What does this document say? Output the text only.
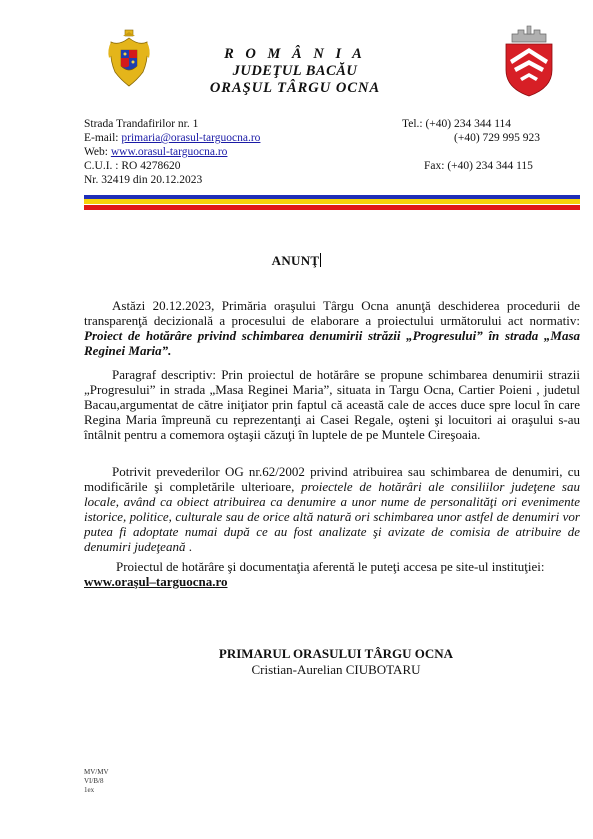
R O M Â N I A
JUDEŢUL BACĂU
ORAŞUL TÂRGU OCNA
Strada Trandafirilor nr. 1
E-mail: primaria@orasul-targuocna.ro
Web: www.orasul-targuocna.ro
C.U.I. : RO 4278620
Nr. 32419 din 20.12.2023
Tel.: (+40) 234 344 114
(+40) 729 995 923
Fax: (+40) 234 344 115
ANUNŢ
Astăzi 20.12.2023, Primăria oraşului Târgu Ocna anunţă deschiderea procedurii de transparenţă decizională a procesului de elaborare a proiectului următorului act normativ: Proiect de hotărâre privind schimbarea denumirii străzii „Progresului” în strada „Masa Reginei Maria”.
Paragraf descriptiv: Prin proiectul de hotărâre se propune schimbarea denumirii strazii „Progresului” in strada „Masa Reginei Maria”, situata in Targu Ocna, Cartier Poieni , judetul Bacau,argumentat de către iniţiator prin faptul că această cale de acces duce spre locul în care Regina Maria împreună cu reprezentanţi ai Casei Regale, oşteni şi locuitori ai oraşului s-au întâlnit pentru a comemora oştaşii căzuţi în luptele de pe Muntele Cireşoaia.
Potrivit prevederilor OG nr.62/2002 privind atribuirea sau schimbarea de denumiri, cu modificările şi completările ulterioare, proiectele de hotărâri ale consiliilor judeţene sau locale, având ca obiect atribuirea ca denumire a unor nume de personalităţi ori evenimente istorice, politice, culturale sau de orice altă natură ori schimbarea unor astfel de denumiri vor putea fi adoptate numai după ce au fost analizate şi avizate de comisia de atribuire de denumiri judeţeană .
Proiectul de hotărâre şi documentaţia aferentă le puteţi accesa pe site-ul instituţiei:
www.oraşul–targuocna.ro
PRIMARUL ORASULUI TÂRGU OCNA
Cristian-Aurelian CIUBOTARU
MV/MV
VI/B/8
1ex
